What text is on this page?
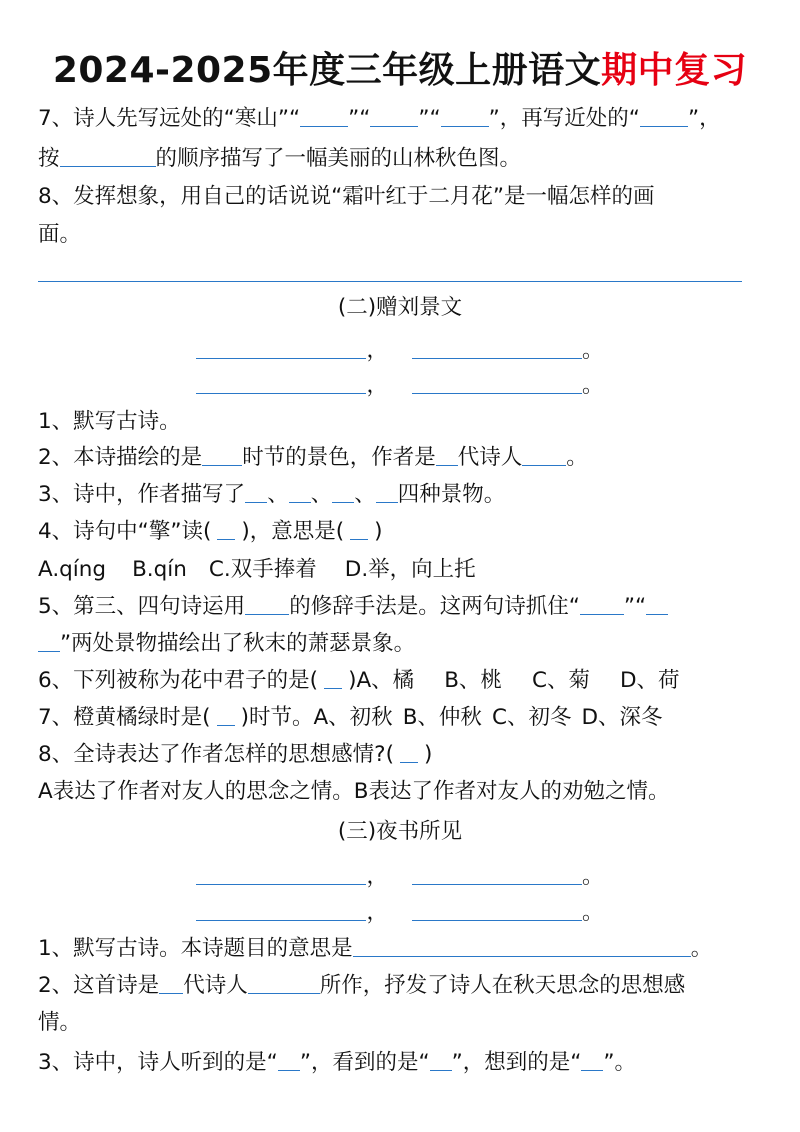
2024-2025年度三年级上册语文期中复习
7、诗人先写远处的“寒山”“ ”“ ”“ ”，再写近处的“ ”，
按	的顺序描写了一幅美丽的山林秋色图。
8、发挥想象，用自己的话说说“霜叶红于二月花”是一幅怎样的画
面。
(二)赠刘景文
，	。
，	。
1、默写古诗。
2、本诗描绘的是 时节的景色，作者是 代诗人 。
3、诗中，作者描写了 、 、 、 四种景物。
4、诗句中“擎”读( )，意思是( )
A.qíng B.qín C.双手捧着 D.举，向上托
5、第三、四句诗运用 的修辞手法是。这两句诗抓住“ ”“
”两处景物描绘出了秋末的萧瑟景象。
6、下列被称为花中君子的是( )A、橘 B、桃 C、菊 D、荷
7、橙黄橘绿时是( )时节。A、初秋 B、仲秋 C、初冬 D、深冬
8、全诗表达了作者怎样的思想感情?( )
A表达了作者对友人的思念之情。B表达了作者对友人的劝勉之情。
(三)夜书所见
，	。
，	。
1、默写古诗。本诗题目的意思是	。
2、这首诗是 代诗人	所作，抒发了诗人在秋天思念的思想感
情。
3、诗中，诗人听到的是“ ”，看到的是“ ”，想到的是“ ”。
